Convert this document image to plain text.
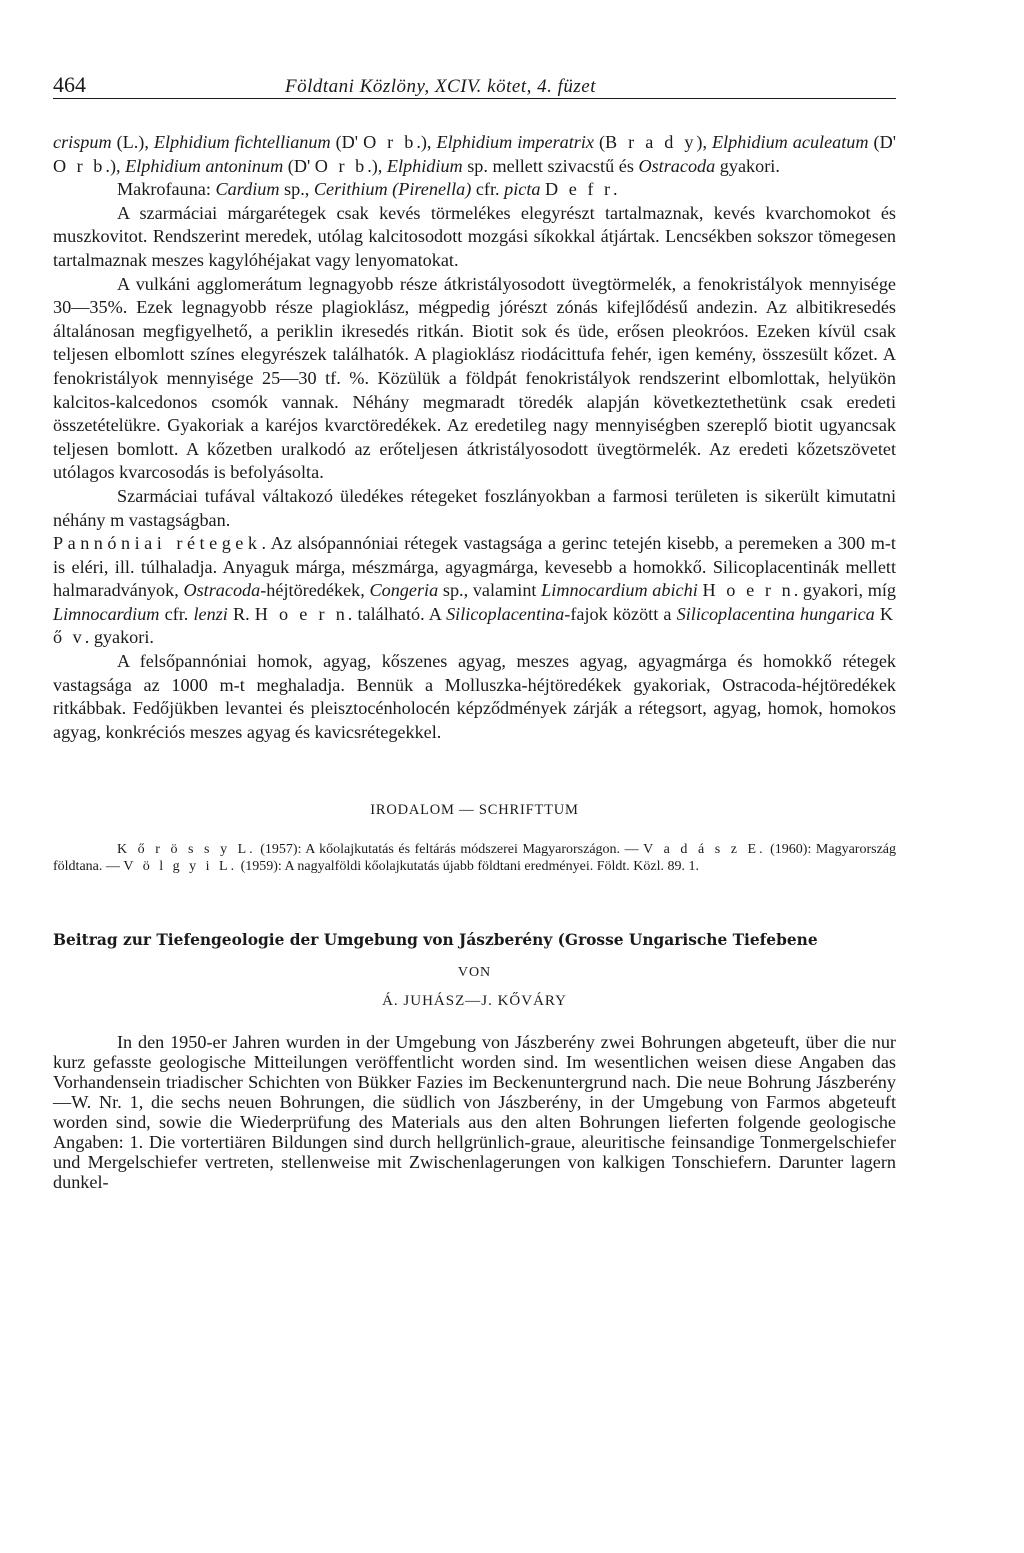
464	Földtani Közlöny, XCIV. kötet, 4. füzet

crispum (L.), Elphidium fichtellianum (D' O r b.), Elphidium imperatrix (B r a d y), Elphidium aculeatum (D' O r b.), Elphidium antoninum (D' O r b.), Elphidium sp. mellett szivacstű és Ostracoda gyakori.

Makrofauna: Cardium sp., Cerithium (Pirenella) cfr. picta D e f r.

A szarmáciai márgarétegek csak kevés törmelékes elegyrészt tartalmaznak, kevés kvarchomokot és muszkovitot. Rendszerint meredek, utólag kalcitosodott mozgási síkokkal átjártak. Lencsékben sokszor tömegesen tartalmaznak meszes kagylóhéjakat vagy lenyomatokat.

A vulkáni agglomerátum legnagyobb része átkristályosodott üvegtörmelék, a fenokristályok mennyisége 30—35%. Ezek legnagyobb része plagioklász, mégpedig jórészt zónás kifejlődésű andezin. Az albitikresedés általánosan megfigyelhető, a periklin ikresedés ritkán. Biotit sok és üde, erősen pleokróos. Ezeken kívül csak teljesen elbomlott színes elegyrészek találhatók. A plagioklász riodácittufa fehér, igen kemény, összesült kőzet. A fenokristályok mennyisége 25—30 tf. %. Közülük a földpát fenokristályok rendszerint elbomlottak, helyükön kalcitos-kalcedonos csomók vannak. Néhány megmaradt töredék alapján következtethetünk csak eredeti összetételükre. Gyakoriak a karéjos kvarctöredékek. Az eredetileg nagy mennyiségben szereplő biotit ugyancsak teljesen bomlott. A kőzetben uralkodó az erőteljesen átkristályosodott üvegtörmelék. Az eredeti kőzetszövetet utólagos kvarcosodás is befolyásolta.

Szarmáciai tufával váltakozó üledékes rétegeket foszlányokban a farmosi területen is sikerült kimutatni néhány m vastagságban.

Pannóniai rétegek. Az alsópannóniai rétegek vastagsága a gerinc tetején kisebb, a peremeken a 300 m-t is eléri, ill. túlhaladja. Anyaguk márga, mészmárga, agyagmárga, kevesebb a homokkő. Silicoplacentinák mellett halmaradványok, Ostracoda-héjtöredékek, Congeria sp., valamint Limnocardium abichi H o e r n. gyakori, míg Limnocardium cfr. lenzi R. H o e r n. található. A Silicoplacentina-fajok között a Silicoplacentina hungarica K ő v. gyakori.

A felsőpannóniai homok, agyag, kőszenes agyag, meszes agyag, agyagmárga és homokkő rétegek vastagsága az 1000 m-t meghaladja. Bennük a Molluszka-héjtöredékek gyakoriak, Ostracoda-héjtöredékek ritkábbak. Fedőjükben levantei és pleisztocénholocén képződmények zárják a rétegsort, agyag, homok, homokos agyag, konkréciós meszes agyag és kavicsrétegekkel.

IRODALOM — SCHRIFTTUM

K ő r ö s s y L. (1957): A kőolajkutatás és feltárás módszerei Magyarországon. — V a d á s z E. (1960): Magyarország földtana. — V ö l g y i L. (1959): A nagyalföldi kőolajkutatás újabb földtani eredményei. Földt. Közl. 89. 1.

Beitrag zur Tiefengeologie der Umgebung von Jászberény (Grosse Ungarische Tiefebene
VON
Á. JUHÁSZ—J. KŐVÁRY

In den 1950-er Jahren wurden in der Umgebung von Jászberény zwei Bohrungen abgeteuft, über die nur kurz gefasste geologische Mitteilungen veröffentlicht worden sind. Im wesentlichen weisen diese Angaben das Vorhandensein triadischer Schichten von Bükker Fazies im Beckenuntergrund nach. Die neue Bohrung Jászberény—W. Nr. 1, die sechs neuen Bohrungen, die südlich von Jászberény, in der Umgebung von Farmos abgeteuft worden sind, sowie die Wiederprüfung des Materials aus den alten Bohrungen lieferten folgende geologische Angaben: 1. Die vortertiären Bildungen sind durch hellgrünlich-graue, aleuritische feinsandige Tonmergelschiefer und Mergelschiefer vertreten, stellenweise mit Zwischenlagerungen von kalkigen Tonschiefern. Darunter lagern dunkel-
